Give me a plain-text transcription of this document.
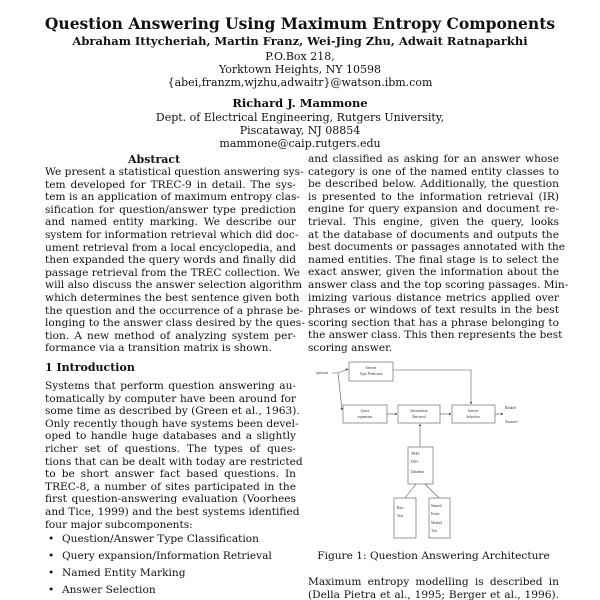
Question Answering Using Maximum Entropy Components
Abraham Ittycheriah, Martin Franz, Wei-Jing Zhu, Adwait Ratnaparkhi
P.O.Box 218,
Yorktown Heights, NY 10598
{abei,franzm,wjzhu,adwaitr}@watson.ibm.com
Richard J. Mammone
Dept. of Electrical Engineering, Rutgers University,
Piscataway, NJ 08854
mammone@caip.rutgers.edu
Abstract
We present a statistical question answering sys-
tem developed for TREC-9 in detail. The sys-
tem is an application of maximum entropy clas-
sification for question/answer type prediction
and named entity marking. We describe our
system for information retrieval which did doc-
ument retrieval from a local encyclopedia, and
then expanded the query words and finally did
passage retrieval from the TREC collection. We
will also discuss the answer selection algorithm
which determines the best sentence given both
the question and the occurrence of a phrase be-
longing to the answer class desired by the ques-
tion. A new method of analyzing system per-
formance via a transition matrix is shown.
1 Introduction
Systems that perform question answering au-
tomatically by computer have been around for
some time as described by (Green et al., 1963).
Only recently though have systems been devel-
oped to handle huge databases and a slightly
richer set of questions. The types of ques-
tions that can be dealt with today are restricted
to be short answer fact based questions. In
TREC-8, a number of sites participated in the
first question-answering evaluation (Voorhees
and Tice, 1999) and the best systems identified
four major subcomponents:
• Question/Answer Type Classification
• Query expansion/Information Retrieval
• Named Entity Marking
• Answer Selection
and classified as asking for an answer whose
category is one of the named entity classes to
be described below. Additionally, the question
is presented to the information retrieval (IR)
engine for query expansion and document re-
trieval. This engine, given the query, looks
at the database of documents and outputs the
best documents or passages annotated with the
named entities. The final stage is to select the
exact answer, given the information about the
answer class and the top scoring passages. Min-
imizing various distance metrics applied over
phrases or windows of text results in the best
scoring section that has a phrase belonging to
the answer class. This then represents the best
scoring answer.
question
Answer
Type Prediction
Query
expansion
Information
Retrieval
Answer
Selection
Ranked
Answers
TREC
DOC
Database
Raw
Text
Named
Entity
Marked
Text
Figure 1: Question Answering Architecture
Maximum entropy modelling is described in
(Della Pietra et al., 1995; Berger et al., 1996).
